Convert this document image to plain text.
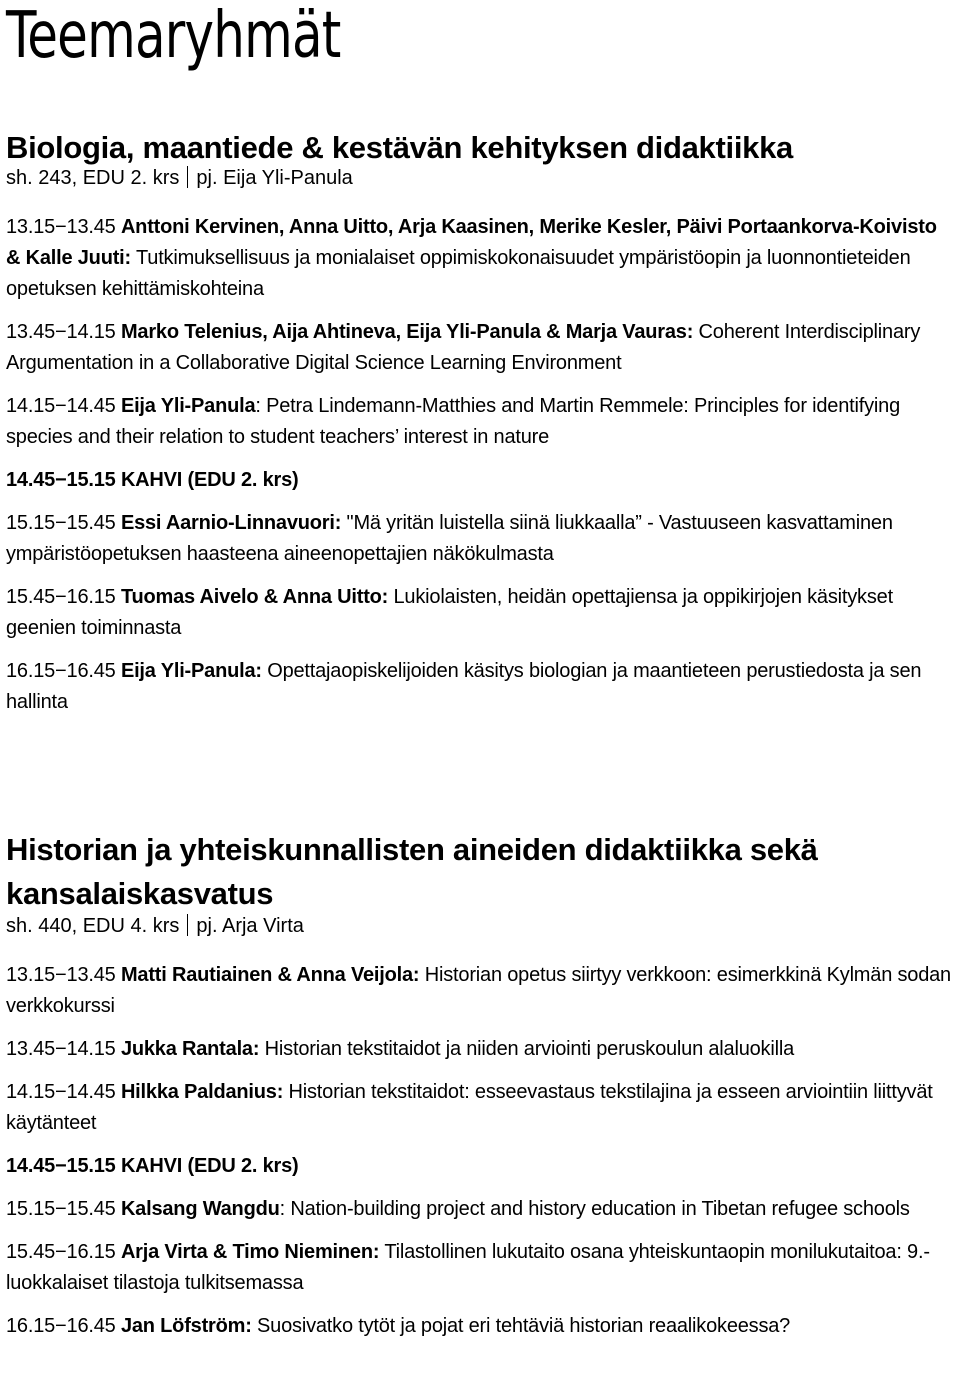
Teemaryhmät
Biologia, maantiede & kestävän kehityksen didaktiikka

sh. 243, EDU 2. krs pj. Eija Yli-Panula

13.15−13.45 Anttoni Kervinen, Anna Uitto, Arja Kaasinen, Merike Kesler, Päivi Portaankorva-Koivisto & Kalle Juuti: Tutkimuksellisuus ja monialaiset oppimiskokonaisuudet ympäristöopin ja luonnontieteiden opetuksen kehittämiskohteina

13.45−14.15 Marko Telenius, Aija Ahtineva, Eija Yli-Panula & Marja Vauras: Coherent Interdisciplinary Argumentation in a Collaborative Digital Science Learning Environment

14.15−14.45 Eija Yli-Panula: Petra Lindemann-Matthies and Martin Remmele: Principles for identifying species and their relation to student teachers’ interest in nature

14.45−15.15 KAHVI (EDU 2. krs)

15.15−15.45 Essi Aarnio-Linnavuori: "Mä yritän luistella siinä liukkaalla” - Vastuuseen kasvattaminen ympäristöopetuksen haasteena aineenopettajien näkökulmasta

15.45−16.15 Tuomas Aivelo & Anna Uitto: Lukiolaisten, heidän opettajiensa ja oppikirjojen käsitykset geenien toiminnasta

16.15−16.45 Eija Yli-Panula: Opettajaopiskelijoiden käsitys biologian ja maantieteen perustiedosta ja sen hallinta

Historian ja yhteiskunnallisten aineiden didaktiikka sekä kansalaiskasvatus

sh. 440, EDU 4. krs pj. Arja Virta

13.15−13.45 Matti Rautiainen & Anna Veijola: Historian opetus siirtyy verkkoon: esimerkkinä Kylmän sodan verkkokurssi

13.45−14.15 Jukka Rantala: Historian tekstitaidot ja niiden arviointi peruskoulun alaluokilla

14.15−14.45 Hilkka Paldanius: Historian tekstitaidot: esseevastaus tekstilajina ja esseen arviointiin liittyvät käytänteet

14.45−15.15 KAHVI (EDU 2. krs)

15.15−15.45 Kalsang Wangdu: Nation-building project and history education in Tibetan refugee schools

15.45−16.15 Arja Virta & Timo Nieminen: Tilastollinen lukutaito osana yhteiskuntaopin monilukutaitoa: 9.-luokkalaiset tilastoja tulkitsemassa

16.15−16.45 Jan Löfström: Suosivatko tytöt ja pojat eri tehtäviä historian reaalikokeessa?
